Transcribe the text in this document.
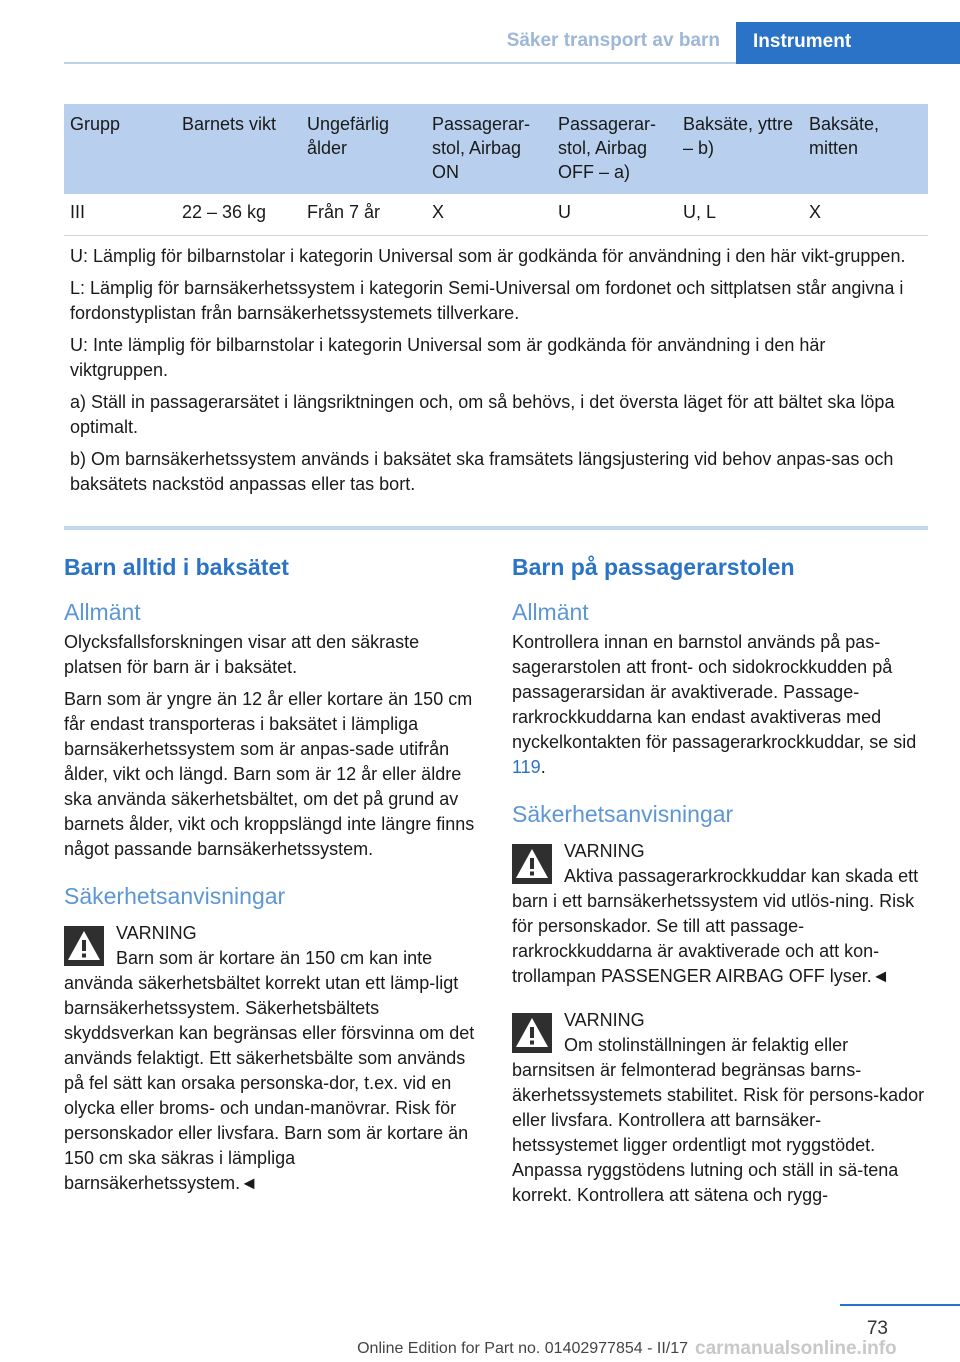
Säker transport av barn Instrument
Grupp	Barnets vikt	Ungefärlig ålder	Passagerar-stol, Airbag ON	Passagerar-stol, Airbag OFF – a)	Baksäte, yttre – b)	Baksäte, mitten
III	22 – 36 kg	Från 7 år	X	U	U, L	X

U: Lämplig för bilbarnstolar i kategorin Universal som är godkända för användning i den här vikt-gruppen.

L: Lämplig för barnsäkerhetssystem i kategorin Semi-Universal om fordonet och sittplatsen står angivna i fordonstyplistan från barnsäkerhetssystemets tillverkare.

U: Inte lämplig för bilbarnstolar i kategorin Universal som är godkända för användning i den här viktgruppen.

a) Ställ in passagerarsätet i längsriktningen och, om så behövs, i det översta läget för att bältet ska löpa optimalt.

b) Om barnsäkerhetssystem används i baksätet ska framsätets längsjustering vid behov anpas-sas och baksätets nackstöd anpassas eller tas bort.						

Barn alltid i baksätet
Allmänt

Olycksfallsforskningen visar att den säkraste platsen för barn är i baksätet.

Barn som är yngre än 12 år eller kortare än 150 cm får endast transporteras i baksätet i lämpliga barnsäkerhetssystem som är anpas-sade utifrån ålder, vikt och längd. Barn som är 12 år eller äldre ska använda säkerhetsbältet, om det på grund av barnets ålder, vikt och kroppslängd inte längre finns något passande barnsäkerhetssystem.

Säkerhetsanvisningar
VARNING

Barn som är kortare än 150 cm kan inte använda säkerhetsbältet korrekt utan ett lämp-ligt barnsäkerhetssystem. Säkerhetsbältets skyddsverkan kan begränsas eller försvinna om det används felaktigt. Ett säkerhetsbälte som används på fel sätt kan orsaka personska-dor, t.ex. vid en olycka eller broms- och undan-manövrar. Risk för personskador eller livsfara. Barn som är kortare än 150 cm ska säkras i lämpliga barnsäkerhetssystem.◄

Barn på passagerarstolen
Allmänt

Kontrollera innan en barnstol används på pas-sagerarstolen att front- och sidokrockkudden på passagerarsidan är avaktiverade. Passage-rarkrockkuddarna kan endast avaktiveras med nyckelkontakten för passagerarkrockkuddar, se sid 119.

Säkerhetsanvisningar
VARNING

Aktiva passagerarkrockkuddar kan skada ett barn i ett barnsäkerhetssystem vid utlös-ning. Risk för personskador. Se till att passage-rarkrockkuddarna är avaktiverade och att kon-trollampan PASSENGER AIRBAG OFF lyser.◄

VARNING

Om stolinställningen är felaktig eller barnsitsen är felmonterad begränsas barns-äkerhetssystemets stabilitet. Risk för persons-kador eller livsfara. Kontrollera att barnsäker-hetssystemet ligger ordentligt mot ryggstödet. Anpassa ryggstödens lutning och ställ in sä-tena korrekt. Kontrollera att sätena och rygg-

73
Online Edition for Part no. 01402977854 - II/17 carmanualsonline.info
